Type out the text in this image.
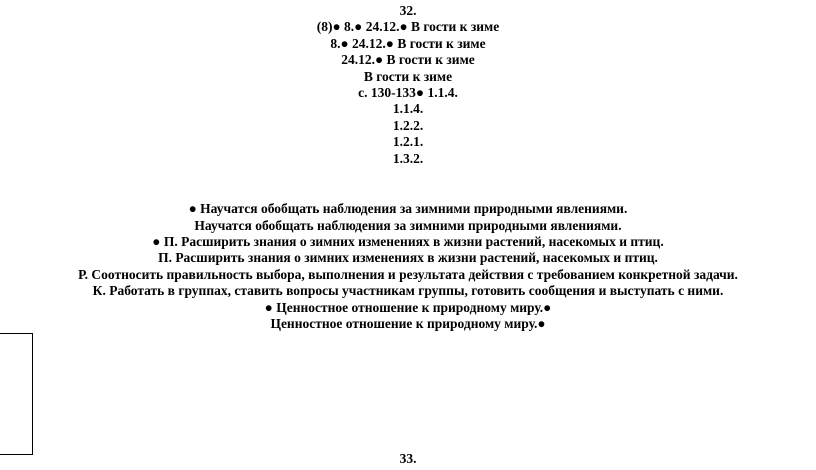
32.
(8)● 8.● 24.12.● В гости к зиме
8.● 24.12.● В гости к зиме
24.12.● В гости к зиме
В гости к зиме
с. 130-133● 1.1.4.
1.1.4.
1.2.2.
1.2.1.
1.3.2.
● Научатся обобщать наблюдения за зимними природными явлениями.
Научатся обобщать наблюдения за зимними природными явлениями.
● П. Расширить знания о зимних изменениях в жизни растений, насекомых и птиц.
П. Расширить знания о зимних изменениях в жизни растений, насекомых и птиц.
Р. Соотносить правильность выбора, выполнения и результата действия с требованием конкретной задачи.
К. Работать в группах, ставить вопросы участникам группы, готовить сообщения и выступать с ними.
● Ценностное отношение к природному миру.●
Ценностное отношение к природному миру.●
33.
